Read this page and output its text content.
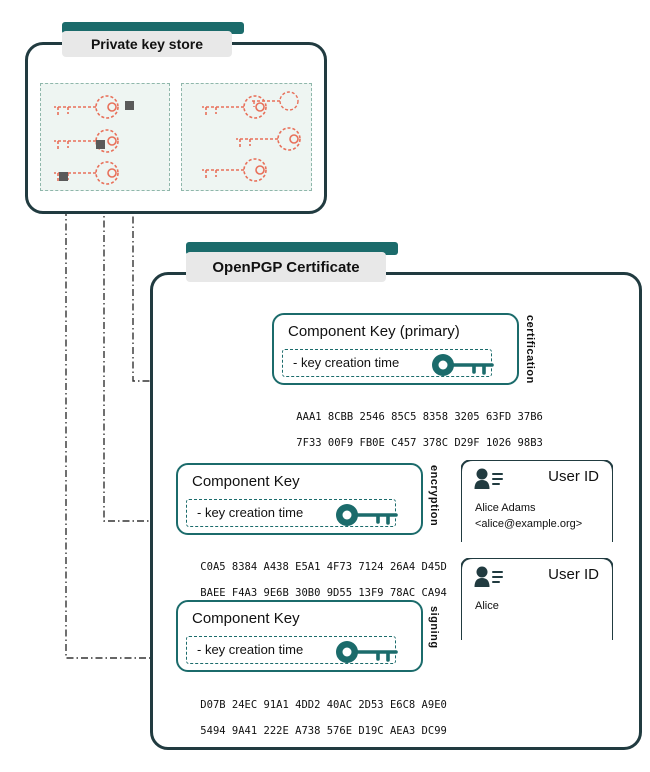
Private key store
OpenPGP Certificate
Component Key (primary)
- key creation time	certification

AAA1 8CBB 2546 85C5 8358 3205 63FD 37B6

7F33 00F9 FB0E C457 378C D29F 1026 98B3

Component Key
- key creation time	encryption

C0A5 8384 A438 E5A1 4F73 7124 26A4 D45D

BAEE F4A3 9E6B 30B0 9D55 13F9 78AC CA94

Component Key
- key creation time
signing

D07B 24EC 91A1 4DD2 40AC 2D53 E6C8 A9E0

5494 9A41 222E A738 576E D19C AEA3 DC99

User ID
Alice Adams
<alice@example.org>
User ID
Alice
